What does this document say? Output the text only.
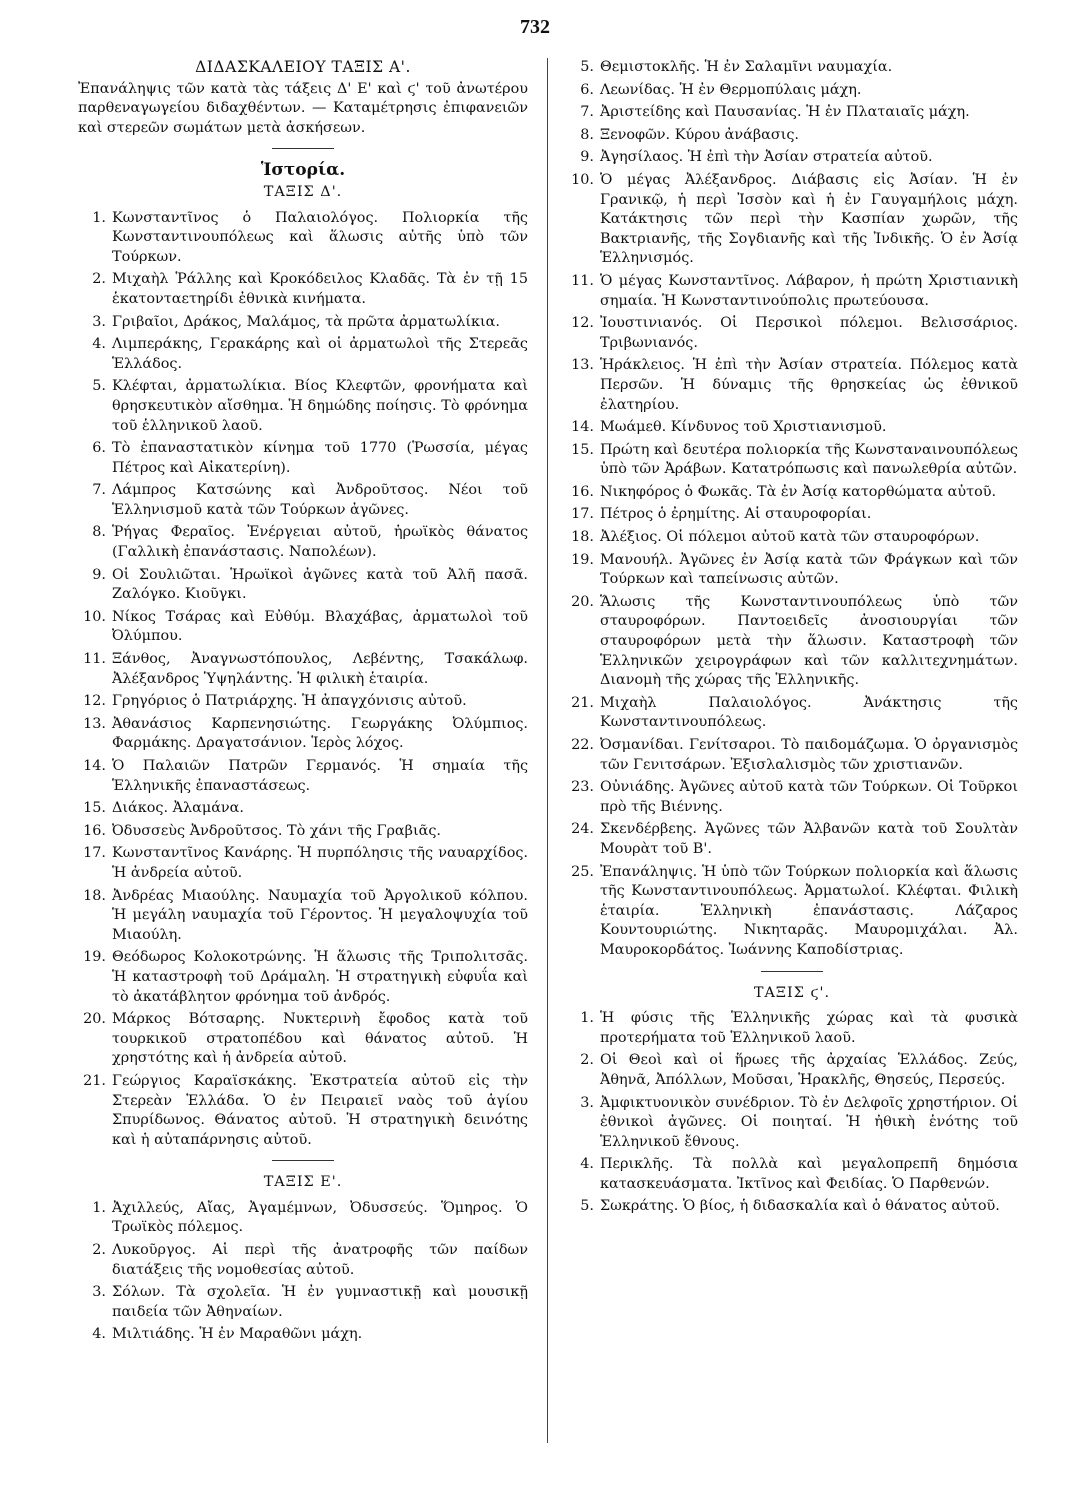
732

ΔΙΔΑΣΚΑΛΕΙΟΥ ΤΑΞΙΣ Α'.

Ἐπανάληψις τῶν κατὰ τὰς τάξεις Δ' Ε' καὶ ϛ' τοῦ ἀνωτέρου παρθεναγωγείου διδαχθέντων. — Καταμέτρησις ἐπιφανειῶν καὶ στερεῶν σωμάτων μετὰ ἀσκήσεων.

Ἱστορία.

ΤΑΞΙΣ Δ'.

1. Κωνσταντῖνος ὁ Παλαιολόγος. Πολιορκία τῆς Κωνσταντινουπόλεως καὶ ἅλωσις αὐτῆς ὑπὸ τῶν Τούρκων.
2. Μιχαὴλ Ῥάλλης καὶ Κροκόδειλος Κλαδᾶς. Τὰ ἐν τῇ 15 ἑκατονταετηρίδι ἐθνικὰ κινήματα.
3. Γριβαῖοι, Δράκος, Μαλάμος, τὰ πρῶτα ἀρματωλίκια.
4. Λιμπεράκης, Γερακάρης καὶ οἱ ἀρματωλοὶ τῆς Στερεᾶς Ἑλλάδος.
5. Κλέφται, ἀρματωλίκια. Βίος Κλεφτῶν, φρονήματα καὶ θρησκευτικὸν αἴσθημα. Ἡ δημώδης ποίησις. Τὸ φρόνημα τοῦ ἑλληνικοῦ λαοῦ.
6. Τὸ ἐπαναστατικὸν κίνημα τοῦ 1770 (Ῥωσσία, μέγας Πέτρος καὶ Αἰκατερίνη).
7. Λάμπρος Κατσώνης καὶ Ἀνδροῦτσος. Νέοι τοῦ Ἑλληνισμοῦ κατὰ τῶν Τούρκων ἀγῶνες.
8. Ῥήγας Φεραῖος. Ἐνέργειαι αὐτοῦ, ἡρωϊκὸς θάνατος (Γαλλικὴ ἐπανάστασις. Ναπολέων).
9. Οἱ Σουλιῶται. Ἡρωϊκοὶ ἀγῶνες κατὰ τοῦ Ἀλῆ πασᾶ. Ζαλόγκο. Κιοῦγκι.
10. Νίκος Τσάρας καὶ Εὐθύμ. Βλαχάβας, ἀρματωλοὶ τοῦ Ὀλύμπου.
11. Ξάνθος, Ἀναγνωστόπουλος, Λεβέντης, Τσακάλωφ. Ἀλέξανδρος Ὑψηλάντης. Ἡ φιλικὴ ἑταιρία.
12. Γρηγόριος ὁ Πατριάρχης. Ἡ ἀπαγχόνισις αὐτοῦ.
13. Ἀθανάσιος Καρπενησιώτης. Γεωργάκης Ὀλύμπιος. Φαρμάκης. Δραγατσάνιον. Ἱερὸς λόχος.
14. Ὁ Παλαιῶν Πατρῶν Γερμανός. Ἡ σημαία τῆς Ἑλληνικῆς ἐπαναστάσεως.
15. Διάκος. Ἀλαμάνα.
16. Ὀδυσσεὺς Ἀνδροῦτσος. Τὸ χάνι τῆς Γραβιᾶς.
17. Κωνσταντῖνος Κανάρης. Ἡ πυρπόλησις τῆς ναυαρχίδος. Ἡ ἀνδρεία αὐτοῦ.
18. Ἀνδρέας Μιαούλης. Ναυμαχία τοῦ Ἀργολικοῦ κόλπου. Ἡ μεγάλη ναυμαχία τοῦ Γέροντος. Ἡ μεγαλοψυχία τοῦ Μιαούλη.
19. Θεόδωρος Κολοκοτρώνης. Ἡ ἅλωσις τῆς Τριπολιτσᾶς. Ἡ καταστροφὴ τοῦ Δράμαλη. Ἡ στρατηγικὴ εὐφυΐα καὶ τὸ ἀκατάβλητον φρόνημα τοῦ ἀνδρός.
20. Μάρκος Βότσαρης. Νυκτερινὴ ἔφοδος κατὰ τοῦ τουρκικοῦ στρατοπέδου καὶ θάνατος αὐτοῦ. Ἡ χρηστότης καὶ ἡ ἀνδρεία αὐτοῦ.
21. Γεώργιος Καραϊσκάκης. Ἐκστρατεία αὐτοῦ εἰς τὴν Στερεὰν Ἑλλάδα. Ὁ ἐν Πειραιεῖ ναὸς τοῦ ἁγίου Σπυρίδωνος. Θάνατος αὐτοῦ. Ἡ στρατηγικὴ δεινότης καὶ ἡ αὐταπάρνησις αὐτοῦ.

ΤΑΞΙΣ Ε'.

1. Ἀχιλλεύς, Αἴας, Ἀγαμέμνων, Ὀδυσσεύς. Ὅμηρος. Ὁ Τρωϊκὸς πόλεμος.
2. Λυκοῦργος. Αἱ περὶ τῆς ἀνατροφῆς τῶν παίδων διατάξεις τῆς νομοθεσίας αὐτοῦ.
3. Σόλων. Τὰ σχολεῖα. Ἡ ἐν γυμναστικῇ καὶ μουσικῇ παιδεία τῶν Ἀθηναίων.
4. Μιλτιάδης. Ἡ ἐν Μαραθῶνι μάχη.
5. Θεμιστοκλῆς. Ἡ ἐν Σαλαμῖνι ναυμαχία.
6. Λεωνίδας. Ἡ ἐν Θερμοπύλαις μάχη.
7. Ἀριστείδης καὶ Παυσανίας. Ἡ ἐν Πλαταιαῖς μάχη.
8. Ξενοφῶν. Κύρου ἀνάβασις.
9. Ἀγησίλαος. Ἡ ἐπὶ τὴν Ἀσίαν στρατεία αὐτοῦ.
10. Ὁ μέγας Ἀλέξανδρος. Διάβασις εἰς Ἀσίαν. Ἡ ἐν Γρανικῷ, ἡ περὶ Ἰσσὸν καὶ ἡ ἐν Γαυγαμήλοις μάχη. Κατάκτησις τῶν περὶ τὴν Κασπίαν χωρῶν, τῆς Βακτριανῆς, τῆς Σογδιανῆς καὶ τῆς Ἰνδικῆς. Ὁ ἐν Ἀσίᾳ Ἑλληνισμός.
11. Ὁ μέγας Κωνσταντῖνος. Λάβαρον, ἡ πρώτη Χριστιανικὴ σημαία. Ἡ Κωνσταντινούπολις πρωτεύουσα.
12. Ἰουστινιανός. Οἱ Περσικοὶ πόλεμοι. Βελισσάριος. Τριβωνιανός.
13. Ἡράκλειος. Ἡ ἐπὶ τὴν Ἀσίαν στρατεία. Πόλεμος κατὰ Περσῶν. Ἡ δύναμις τῆς θρησκείας ὡς ἐθνικοῦ ἐλατηρίου.
14. Μωάμεθ. Κίνδυνος τοῦ Χριστιανισμοῦ.
15. Πρώτη καὶ δευτέρα πολιορκία τῆς Κωνσταναινουπόλεως ὑπὸ τῶν Ἀράβων. Κατατρόπωσις καὶ πανωλεθρία αὐτῶν.
16. Νικηφόρος ὁ Φωκᾶς. Τὰ ἐν Ἀσίᾳ κατορθώματα αὐτοῦ.
17. Πέτρος ὁ ἐρημίτης. Αἱ σταυροφορίαι.
18. Ἀλέξιος. Οἱ πόλεμοι αὐτοῦ κατὰ τῶν σταυροφόρων.
19. Μανουήλ. Ἀγῶνες ἐν Ἀσίᾳ κατὰ τῶν Φράγκων καὶ τῶν Τούρκων καὶ ταπείνωσις αὐτῶν.
20. Ἅλωσις τῆς Κωνσταντινουπόλεως ὑπὸ τῶν σταυροφόρων. Παντοειδεῖς ἀνοσιουργίαι τῶν σταυροφόρων μετὰ τὴν ἅλωσιν. Καταστροφὴ τῶν Ἑλληνικῶν χειρογράφων καὶ τῶν καλλιτεχνημάτων. Διανομὴ τῆς χώρας τῆς Ἑλληνικῆς.
21. Μιχαὴλ Παλαιολόγος. Ἀνάκτησις τῆς Κωνσταντινουπόλεως.
22. Ὀσμανίδαι. Γενίτσαροι. Τὸ παιδομάζωμα. Ὁ ὀργανισμὸς τῶν Γενιτσάρων. Ἐξισλαλισμὸς τῶν χριστιανῶν.
23. Οὐνιάδης. Ἀγῶνες αὐτοῦ κατὰ τῶν Τούρκων. Οἱ Τοῦρκοι πρὸ τῆς Βιέννης.
24. Σκενδέρβεης. Ἀγῶνες τῶν Ἀλβανῶν κατὰ τοῦ Σουλτὰν Μουρὰτ τοῦ Β'.
25. Ἐπανάληψις. Ἡ ὑπὸ τῶν Τούρκων πολιορκία καὶ ἅλωσις τῆς Κωνσταντινουπόλεως. Ἀρματωλοί. Κλέφται. Φιλικὴ ἑταιρία. Ἑλληνικὴ ἐπανάστασις. Λάζαρος Κουντουριώτης. Νικηταρᾶς. Μαυρομιχάλαι. Ἀλ. Μαυροκορδάτος. Ἰωάννης Καποδίστριας.

ΤΑΞΙΣ ϛ'.

1. Ἡ φύσις τῆς Ἑλληνικῆς χώρας καὶ τὰ φυσικὰ προτερήματα τοῦ Ἑλληνικοῦ λαοῦ.
2. Οἱ Θεοὶ καὶ οἱ ἥρωες τῆς ἀρχαίας Ἑλλάδος. Ζεύς, Ἀθηνᾶ, Ἀπόλλων, Μοῦσαι, Ἡρακλῆς, Θησεύς, Περσεύς.
3. Ἀμφικτυονικὸν συνέδριον. Τὸ ἐν Δελφοῖς χρηστήριον. Οἱ ἐθνικοὶ ἀγῶνες. Οἱ ποιηταί. Ἡ ἠθικὴ ἑνότης τοῦ Ἑλληνικοῦ ἔθνους.
4. Περικλῆς. Τὰ πολλὰ καὶ μεγαλοπρεπῆ δημόσια κατασκευάσματα. Ἰκτῖνος καὶ Φειδίας. Ὁ Παρθενών.
5. Σωκράτης. Ὁ βίος, ἡ διδασκαλία καὶ ὁ θάνατος αὐτοῦ.
